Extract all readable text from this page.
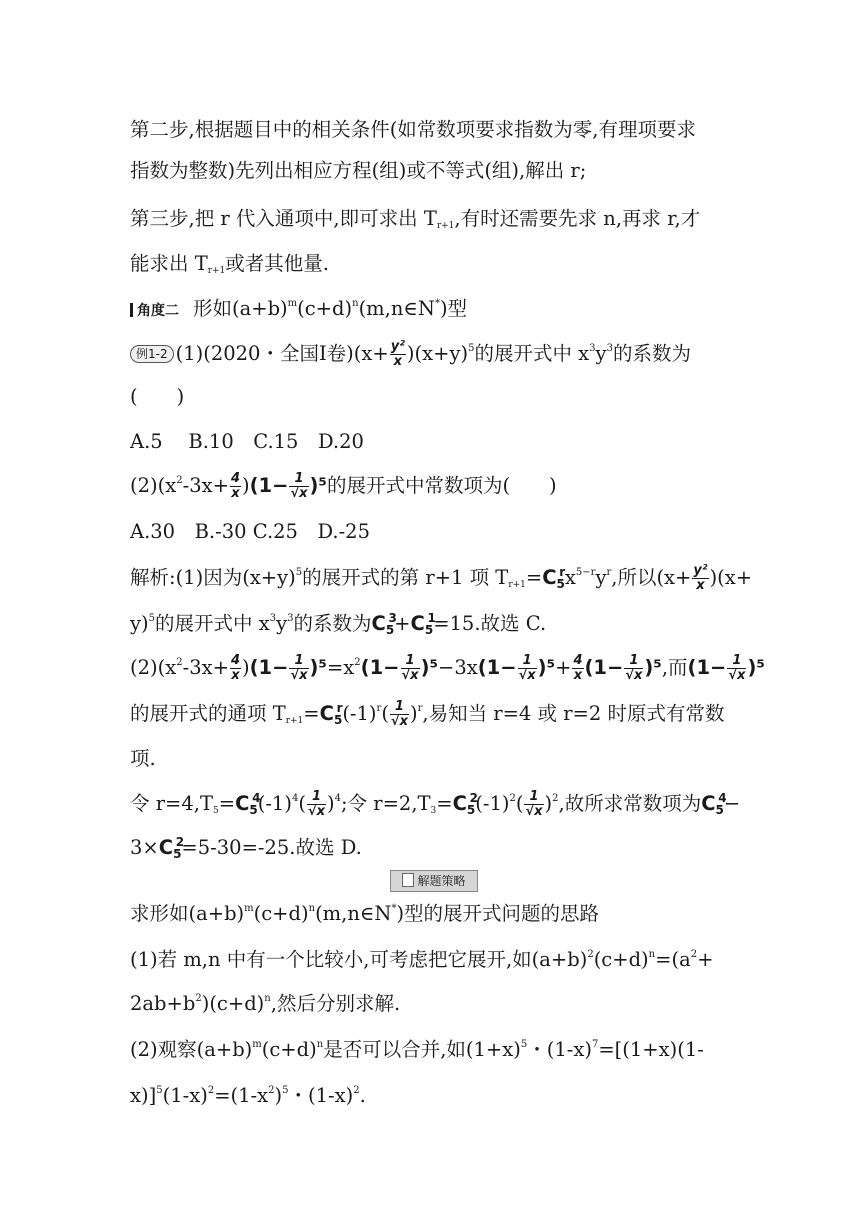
第二步,根据题目中的相关条件(如常数项要求指数为零,有理项要求
指数为整数)先列出相应方程(组)或不等式(组),解出 r;
第三步,把 r 代入通项中,即可求出 $T_{r+1}$,有时还需要先求 n,再求 r,才
能求出 $T_{r+1}$或者其他量.
角度二 形如$(a+b)^m(c+d)^n(m,n\in N^*)$型
例1-2 (1)(2020・全国Ⅰ卷)$(x+ \frac{\text{y²}}{x} )(x+y)^5$的展开式中 $x^3y^3$的系数为
(　　)
A.5　 B.10　C.15　D.20
$(2)(x^2-3x+ \frac{4}{x} )(1- \frac{1}{√x} )^5$的展开式中常数项为(　　)
A.30　B.-30 C.25　D.-25
解析:(1)因为$(x+y)^5$的展开式的第 r+1 项 $T_{r+1}=C$ r
$_5x^{5-r}y^r$,所以$(x+ \frac{\text{y²}}{x} )(x+$
y)$^5$的展开式中 $x^3y^3$的系数为C 3
$_5$+C 1
$_5$=15.故选 C.
$(2)(x^2-3x+ \frac{4}{x} )(1- \frac{1}{√x} )^5=x^2(1- \frac{1}{√x} )^5-3x(1- \frac{1}{√x} )^5+ \frac{4}{x} (1- \frac{1}{√x} )^5$,而$(1- \frac{1}{√x} )^5$
的展开式的通项 $T_{r+1}=C$ r
$_5(-1)^r( \frac{1}{√x} )^r$,易知当 r=4 或 r=2 时原式有常数
项.
令 $r=4,T_5=C$ 4
$_5(-1)^4( \frac{1}{√x} )^4$;令 $r=2,T_3=C$ 2
$_5(-1)^2( \frac{1}{√x} )^2$,故所求常数项为C 4
$_5$−
3×C 2
$_5$=5-30=-25.故选 D.
解题策略
求形如$(a+b)^m(c+d)^n(m,n\in N^*)$型的展开式问题的思路
(1)若 m,n 中有一个比较小,可考虑把它展开,如$(a+b)^2(c+d)^n=(a^2+$
$2ab+b^2)(c+d)^n$,然后分别求解.
(2)观察$(a+b)^m(c+d)^n$是否可以合并,如$(1+x)^5$・$(1-x)^7=[(1+x)(1-$
$x)]^5(1-x)^2=(1-x^2)^5$・$(1-x)^2$.
